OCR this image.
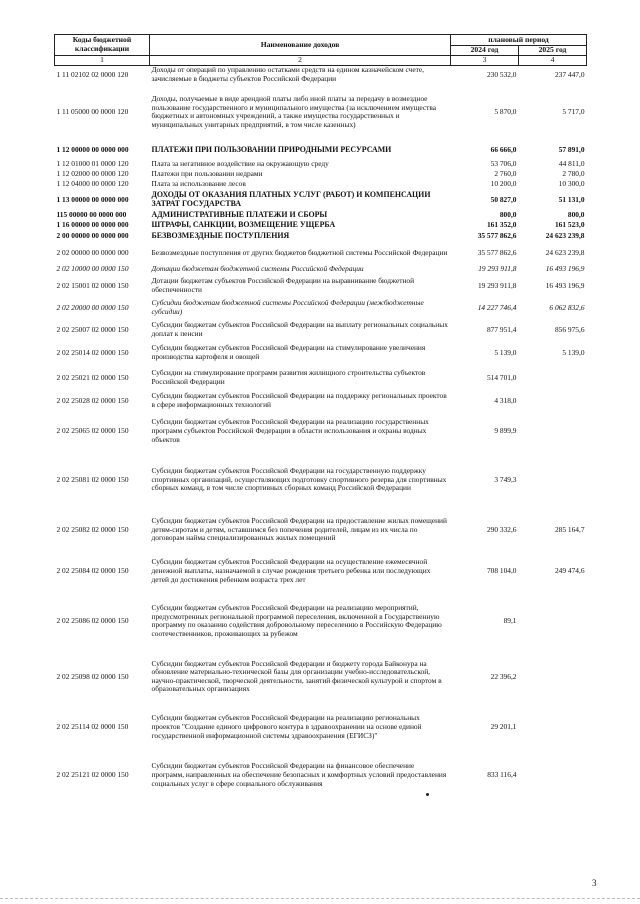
Коды бюджетной классификации	Наименование доходов	плановый период	
		2024 год	2025 год
1	2	3	4
1 11 02102 02 0000 120	Доходы от операций по управлению остатками средств на едином казначейском счете, зачисляемые в бюджеты субъектов Российской Федерации	230 532,0	237 447,0
1 11 05000 00 0000 120	Доходы, получаемые в виде арендной платы либо иной платы за передачу в возмездное пользование государственного и муниципального имущества (за исключением имущества бюджетных и автономных учреждений, а также имущества государственных и муниципальных унитарных предприятий, в том числе казенных)	5 870,0	5 717,0
1 12 00000 00 0000 000	ПЛАТЕЖИ ПРИ ПОЛЬЗОВАНИИ ПРИРОДНЫМИ РЕСУРСАМИ	66 666,0	57 891,0
1 12 01000 01 0000 120	Плата за негативное воздействие на окружающую среду	53 706,0	44 811,0
1 12 02000 00 0000 120	Платежи при пользовании недрами	2 760,0	2 780,0
1 12 04000 00 0000 120	Плата за использование лесов	10 200,0	10 300,0
1 13 00000 00 0000 000	ДОХОДЫ ОТ ОКАЗАНИЯ ПЛАТНЫХ УСЛУГ (РАБОТ) И КОМПЕНСАЦИИ ЗАТРАТ ГОСУДАРСТВА	50 827,0	51 131,0
115 00000 00 0000 000	АДМИНИСТРАТИВНЫЕ ПЛАТЕЖИ И СБОРЫ	800,0	800,0
1 16 00000 00 0000 000	ШТРАФЫ, САНКЦИИ, ВОЗМЕЩЕНИЕ УЩЕРБА	161 352,0	161 523,0
2 00 00000 00 0000 000	БЕЗВОЗМЕЗДНЫЕ ПОСТУПЛЕНИЯ	35 577 862,6	24 623 239,8
2 02 00000 00 0000 000	Безвозмездные поступления от других бюджетов бюджетной системы Российской Федерации	35 577 862,6	24 623 239,8
2 02 10000 00 0000 150	Дотации бюджетам бюджетной системы Российской Федерации	19 293 911,8	16 493 196,9
2 02 15001 02 0000 150	Дотации бюджетам субъектов Российской Федерации на выравнивание бюджетной обеспеченности	19 293 911,8	16 493 196,9
2 02 20000 00 0000 150	Субсидии бюджетам бюджетной системы Российской Федерации (межбюджетные субсидии)	14 227 746,4	6 062 832,6
2 02 25007 02 0000 150	Субсидии бюджетам субъектов Российской Федерации на выплату региональных социальных доплат к пенсии	877 951,4	856 975,6
2 02 25014 02 0000 150	Субсидии бюджетам субъектов Российской Федерации на стимулирование увеличения производства картофеля и овощей	5 139,0	5 139,0
2 02 25021 02 0000 150	Субсидии на стимулирование программ развития жилищного строительства субъектов Российской Федерации	514 701,0	
2 02 25028 02 0000 150	Субсидии бюджетам субъектов Российской Федерации на поддержку региональных проектов в сфере информационных технологий	4 318,0	
2 02 25065 02 0000 150	Субсидии бюджетам субъектов Российской Федерации на реализацию государственных программ субъектов Российской Федерации в области использования и охраны водных объектов	9 899,9	
2 02 25081 02 0000 150	Субсидии бюджетам субъектов Российской Федерации на государственную поддержку спортивных организаций, осуществляющих подготовку спортивного резерва для спортивных сборных команд, в том числе спортивных сборных команд Российской Федерации	3 749,3	
2 02 25082 02 0000 150	Субсидии бюджетам субъектов Российской Федерации на предоставление жилых помещений детям-сиротам и детям, оставшимся без попечения родителей, лицам из их числа по договорам найма специализированных жилых помещений	290 332,6	285 164,7
2 02 25084 02 0000 150	Субсидии бюджетам субъектов Российской Федерации на осуществление ежемесячной денежной выплаты, назначаемой в случае рождения третьего ребенка или последующих детей до достижения ребенком возраста трех лет	708 104,0	249 474,6
2 02 25086 02 0000 150	Субсидии бюджетам субъектов Российской Федерации на реализацию мероприятий, предусмотренных региональной программой переселения, включенной в Государственную программу по оказанию содействия добровольному переселению в Российскую Федерацию соотечественников, проживающих за рубежом	89,1	
2 02 25098 02 0000 150	Субсидии бюджетам субъектов Российской Федерации и бюджету города Байконура на обновление материально-технической базы для организации учебно-исследовательской, научно-практической, творческой деятельности, занятий физической культурой и спортом в образовательных организациях	22 396,2	
2 02 25114 02 0000 150	Субсидии бюджетам субъектов Российской Федерации на реализацию региональных проектов "Создание единого цифрового контура в здравоохранении на основе единой государственной информационной системы здравоохранения (ЕГИСЗ)"	29 201,1	
2 02 25121 02 0000 150	Субсидии бюджетам субъектов Российской Федерации на финансовое обеспечение программ, направленных на обеспечение безопасных и комфортных условий предоставления социальных услуг в сфере социального обслуживания	833 116,4	
3
